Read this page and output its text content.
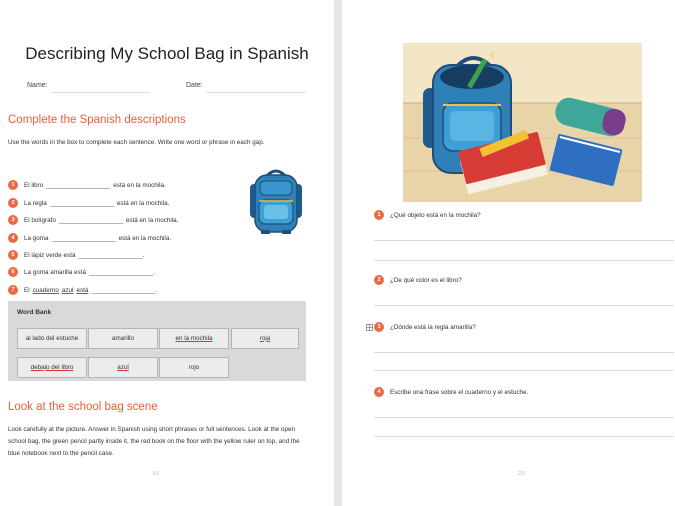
Describing My School Bag in Spanish
Name:	Date:
Complete the Spanish descriptions
Use the words in the box to complete each sentence. Write one word or phrase in each gap.
1	El libro ____________________ está en la mochila.
2	La regla ____________________ está en la mochila.
3	El bolígrafo ____________________ está en la mochila.
4	La goma ____________________ está en la mochila.
5	El lápiz verde está ____________________ .
6	La goma amarilla está ____________________ .
7	El cuaderno azul está ____________________ .
Word Bank
al lado del estuche	amarillo	en la mochila	roja
debajo del libro	azul	rojo
Look at the school bag scene
Look carefully at the picture. Answer in Spanish using short phrases or full sentences. Look at the open school bag, the green pencil partly inside it, the red book on the floor with the yellow ruler on top, and the blue notebook next to the pencil case.
1/3
1	¿Qué objeto está en la mochila?
2	¿De qué color es el libro?
3	¿Dónde está la regla amarilla?
4	Escribe una frase sobre el cuaderno y el estuche.
2/3
